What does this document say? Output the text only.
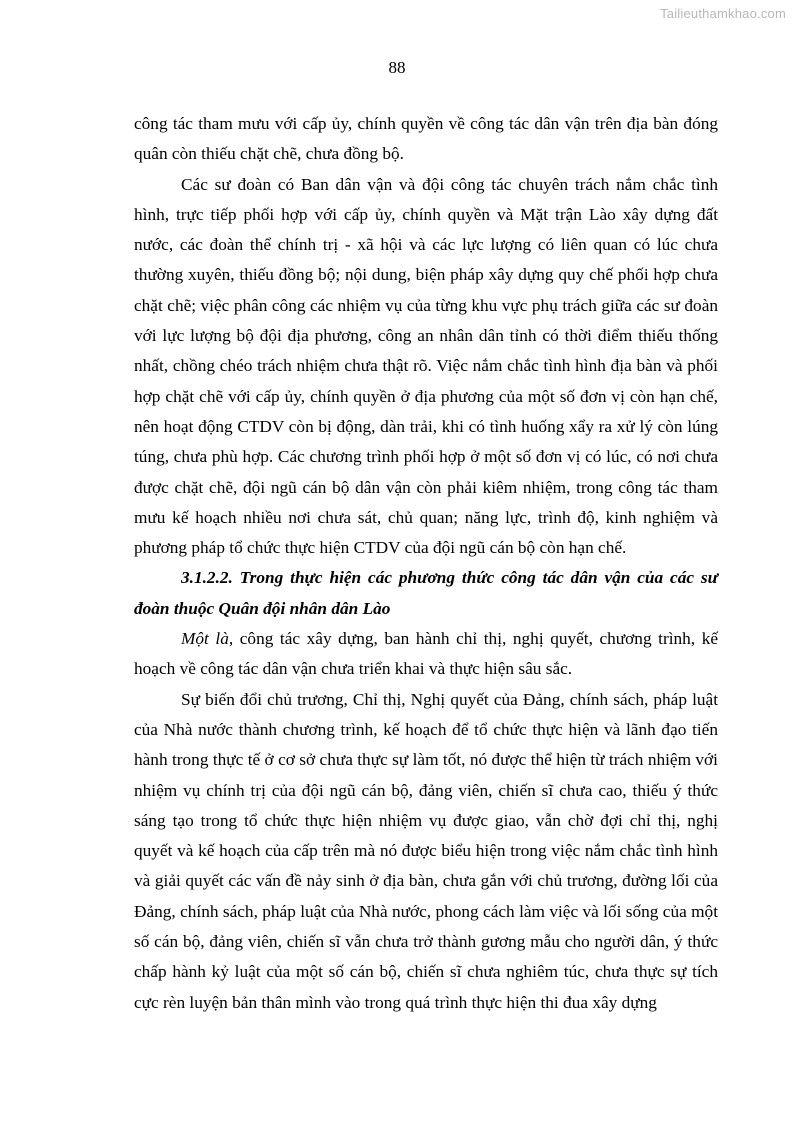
Tailieuthamkhao.com
88

công tác tham mưu với cấp ủy, chính quyền về công tác dân vận trên địa bàn đóng quân còn thiếu chặt chẽ, chưa đồng bộ.

Các sư đoàn có Ban dân vận và đội công tác chuyên trách nắm chắc tình hình, trực tiếp phối hợp với cấp ủy, chính quyền và Mặt trận Lào xây dựng đất nước, các đoàn thể chính trị - xã hội và các lực lượng có liên quan có lúc chưa thường xuyên, thiếu đồng bộ; nội dung, biện pháp xây dựng quy chế phối hợp chưa chặt chẽ; việc phân công các nhiệm vụ của từng khu vực phụ trách giữa các sư đoàn với lực lượng bộ đội địa phương, công an nhân dân tỉnh có thời điểm thiếu thống nhất, chồng chéo trách nhiệm chưa thật rõ. Việc nắm chắc tình hình địa bàn và phối hợp chặt chẽ với cấp ủy, chính quyền ở địa phương của một số đơn vị còn hạn chế, nên hoạt động CTDV còn bị động, dàn trải, khi có tình huống xẩy ra xử lý còn lúng túng, chưa phù hợp. Các chương trình phối hợp ở một số đơn vị có lúc, có nơi chưa được chặt chẽ, đội ngũ cán bộ dân vận còn phải kiêm nhiệm, trong công tác tham mưu kế hoạch nhiều nơi chưa sát, chủ quan; năng lực, trình độ, kinh nghiệm và phương pháp tổ chức thực hiện CTDV của đội ngũ cán bộ còn hạn chế.

3.1.2.2. Trong thực hiện các phương thức công tác dân vận của các sư đoàn thuộc Quân đội nhân dân Lào

Một là, công tác xây dựng, ban hành chỉ thị, nghị quyết, chương trình, kế hoạch về công tác dân vận chưa triển khai và thực hiện sâu sắc.

Sự biến đổi chủ trương, Chỉ thị, Nghị quyết của Đảng, chính sách, pháp luật của Nhà nước thành chương trình, kế hoạch để tổ chức thực hiện và lãnh đạo tiến hành trong thực tế ở cơ sở chưa thực sự làm tốt, nó được thể hiện từ trách nhiệm với nhiệm vụ chính trị của đội ngũ cán bộ, đảng viên, chiến sĩ chưa cao, thiếu ý thức sáng tạo trong tổ chức thực hiện nhiệm vụ được giao, vẫn chờ đợi chỉ thị, nghị quyết và kế hoạch của cấp trên mà nó được biểu hiện trong việc nắm chắc tình hình và giải quyết các vấn đề nảy sinh ở địa bàn, chưa gắn với chủ trương, đường lối của Đảng, chính sách, pháp luật của Nhà nước, phong cách làm việc và lối sống của một số cán bộ, đảng viên, chiến sĩ vẫn chưa trở thành gương mẫu cho người dân, ý thức chấp hành kỷ luật của một số cán bộ, chiến sĩ chưa nghiêm túc, chưa thực sự tích cực rèn luyện bản thân mình vào trong quá trình thực hiện thi đua xây dựng
